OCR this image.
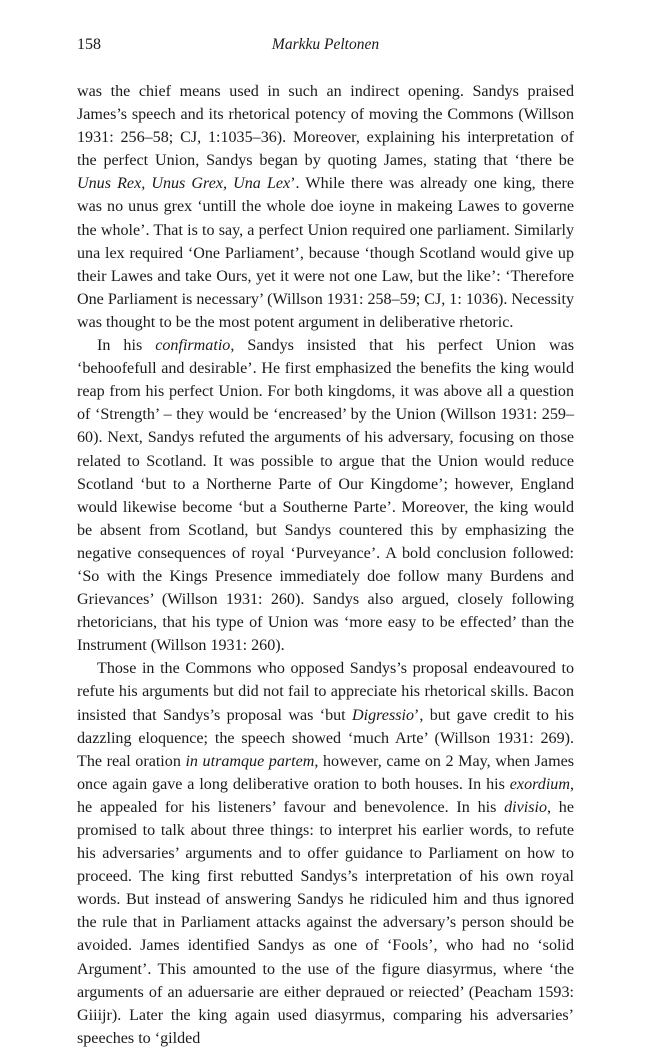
158	Markku Peltonen

was the chief means used in such an indirect opening. Sandys praised James’s speech and its rhetorical potency of moving the Commons (Willson 1931: 256–58; CJ, 1:1035–36). Moreover, explaining his interpretation of the perfect Union, Sandys began by quoting James, stating that ‘there be Unus Rex, Unus Grex, Una Lex’. While there was already one king, there was no unus grex ‘untill the whole doe ioyne in makeing Lawes to governe the whole’. That is to say, a perfect Union required one parliament. Similarly una lex required ‘One Parliament’, because ‘though Scotland would give up their Lawes and take Ours, yet it were not one Law, but the like’: ‘Therefore One Parliament is necessary’ (Willson 1931: 258–59; CJ, 1: 1036). Necessity was thought to be the most potent argument in deliberative rhetoric.

In his confirmatio, Sandys insisted that his perfect Union was ‘behoofefull and desirable’. He first emphasized the benefits the king would reap from his perfect Union. For both kingdoms, it was above all a question of ‘Strength’ – they would be ‘encreased’ by the Union (Willson 1931: 259–60). Next, Sandys refuted the arguments of his adversary, focusing on those related to Scotland. It was possible to argue that the Union would reduce Scotland ‘but to a Northerne Parte of Our Kingdome’; however, England would likewise become ‘but a Southerne Parte’. Moreover, the king would be absent from Scotland, but Sandys countered this by emphasizing the negative consequences of royal ‘Purveyance’. A bold conclusion followed: ‘So with the Kings Presence immediately doe follow many Burdens and Grievances’ (Willson 1931: 260). Sandys also argued, closely following rhetoricians, that his type of Union was ‘more easy to be effected’ than the Instrument (Willson 1931: 260).

Those in the Commons who opposed Sandys’s proposal endeavoured to refute his arguments but did not fail to appreciate his rhetorical skills. Bacon insisted that Sandys’s proposal was ‘but Digressio’, but gave credit to his dazzling eloquence; the speech showed ‘much Arte’ (Willson 1931: 269). The real oration in utramque partem, however, came on 2 May, when James once again gave a long deliberative oration to both houses. In his exordium, he appealed for his listeners’ favour and benevolence. In his divisio, he promised to talk about three things: to interpret his earlier words, to refute his adversaries’ arguments and to offer guidance to Parliament on how to proceed. The king first rebutted Sandys’s interpretation of his own royal words. But instead of answering Sandys he ridiculed him and thus ignored the rule that in Parliament attacks against the adversary’s person should be avoided. James identified Sandys as one of ‘Fools’, who had no ‘solid Argument’. This amounted to the use of the figure diasyrmus, where ‘the arguments of an aduersarie are either depraued or reiected’ (Peacham 1593: Giiijr). Later the king again used diasyrmus, comparing his adversaries’ speeches to ‘gilded
